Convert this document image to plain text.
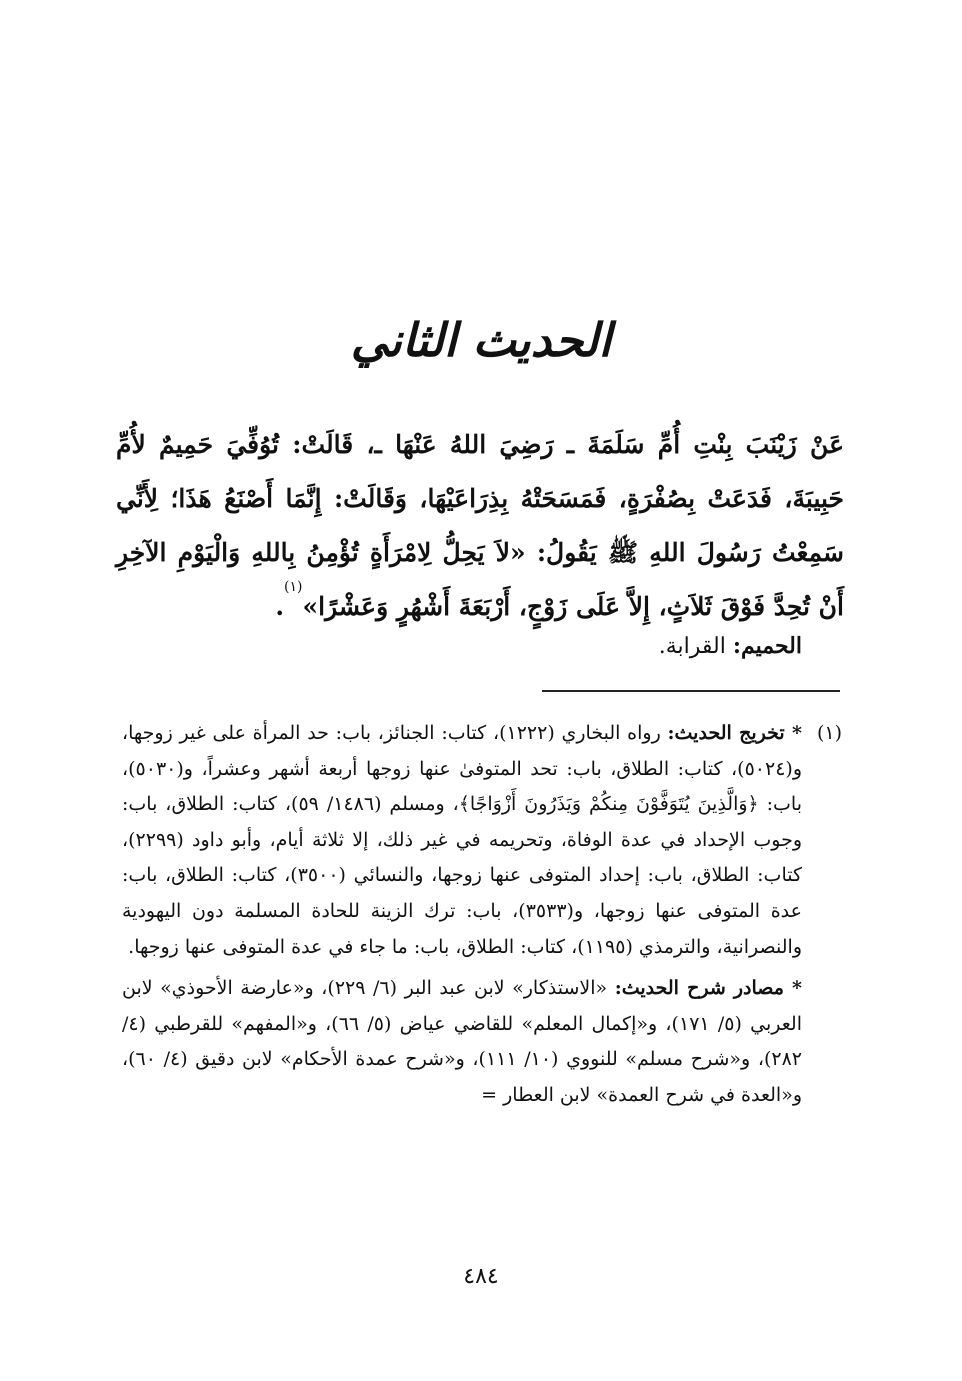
الحديث الثاني

عَنْ زَيْنَبَ بِنْتِ أُمِّ سَلَمَةَ ـ رَضِيَ اللهُ عَنْهَا ـ، قَالَتْ: تُوُفِّيَ حَمِيمٌ لأُمِّ حَبِيبَةَ، فَدَعَتْ بِصُفْرَةٍ، فَمَسَحَتْهُ بِذِرَاعَيْهَا، وَقَالَتْ: إِنَّمَا أَصْنَعُ هَذَا؛ لِأَنِّي سَمِعْتُ رَسُولَ اللهِ ﷺ يَقُولُ: «لاَ يَحِلُّ لِامْرَأَةٍ تُؤْمِنُ بِاللهِ وَالْيَوْمِ الآخِرِ أَنْ تُحِدَّ فَوْقَ ثَلاَثٍ، إِلاَّ عَلَى زَوْجٍ، أَرْبَعَةَ أَشْهُرٍ وَعَشْرًا»$^{(١)}$.

الحميم: القرابة.

(١)
* تخريج الحديث: رواه البخاري (١٢٢٢)، كتاب: الجنائز، باب: حد المرأة على غير زوجها، و(٥٠٢٤)، كتاب: الطلاق، باب: تحد المتوفىٰ عنها زوجها أربعة أشهر وعشراً، و(٥٠٣٠)، باب: ﴿وَالَّذِينَ يُتَوَفَّوْنَ مِنكُمْ وَيَذَرُونَ أَزْوَاجًا﴾، ومسلم (١٤٨٦/ ٥٩)، كتاب: الطلاق، باب: وجوب الإحداد في عدة الوفاة، وتحريمه في غير ذلك، إلا ثلاثة أيام، وأبو داود (٢٢٩٩)، كتاب: الطلاق، باب: إحداد المتوفى عنها زوجها، والنسائي (٣٥٠٠)، كتاب: الطلاق، باب: عدة المتوفى عنها زوجها، و(٣٥٣٣)، باب: ترك الزينة للحادة المسلمة دون اليهودية والنصرانية، والترمذي (١١٩٥)، كتاب: الطلاق، باب: ما جاء في عدة المتوفى عنها زوجها.

* مصادر شرح الحديث: «الاستذكار» لابن عبد البر (٦/ ٢٢٩)، و«عارضة الأحوذي» لابن العربي (٥/ ١٧١)، و«إكمال المعلم» للقاضي عياض (٥/ ٦٦)، و«المفهم» للقرطبي (٤/ ٢٨٢)، و«شرح مسلم» للنووي (١٠/ ١١١)، و«شرح عمدة الأحكام» لابن دقيق (٤/ ٦٠)، و«العدة في شرح العمدة» لابن العطار =

٤٨٤
